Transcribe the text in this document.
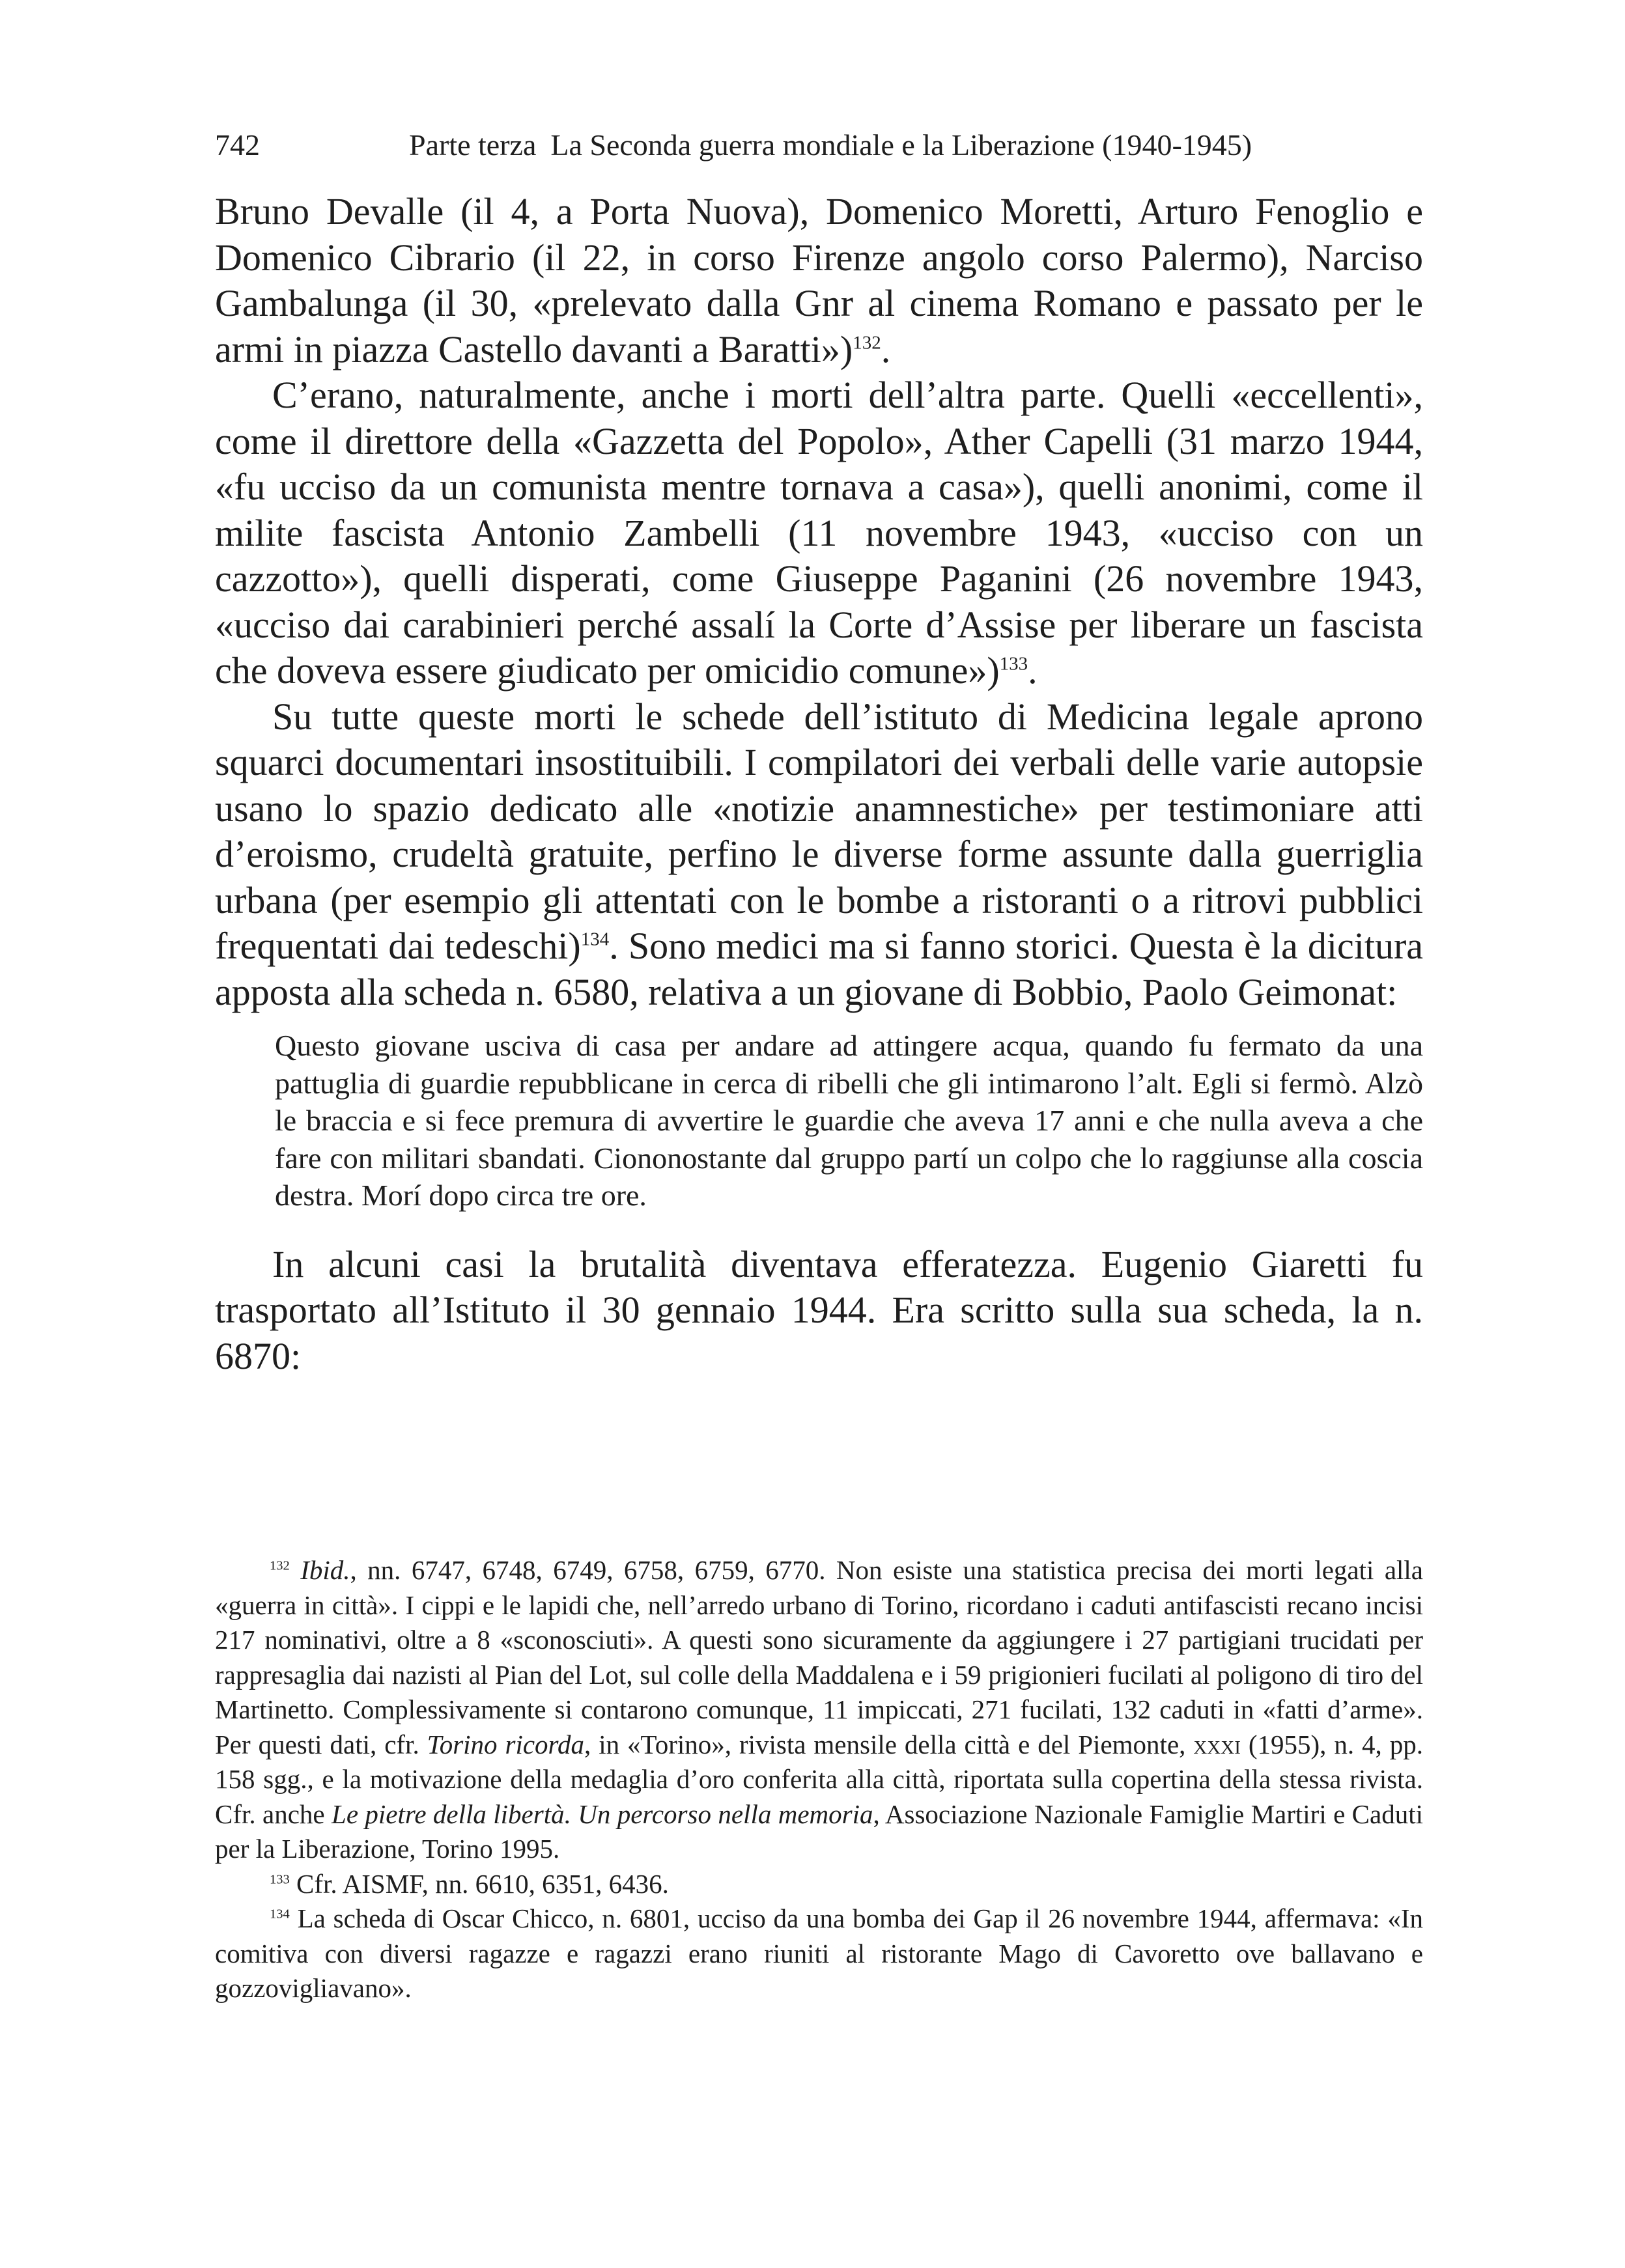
742	Parte terza La Seconda guerra mondiale e la Liberazione (1940-1945)

Bruno Devalle (il 4, a Porta Nuova), Domenico Moretti, Arturo Fenoglio e Domenico Cibrario (il 22, in corso Firenze angolo corso Palermo), Narciso Gambalunga (il 30, «prelevato dalla Gnr al cinema Romano e passato per le armi in piazza Castello davanti a Baratti»)$^{132}$.

C’erano, naturalmente, anche i morti dell’altra parte. Quelli «eccellenti», come il direttore della «Gazzetta del Popolo», Ather Capelli (31 marzo 1944, «fu ucciso da un comunista mentre tornava a casa»), quelli anonimi, come il milite fascista Antonio Zambelli (11 novembre 1943, «ucciso con un cazzotto»), quelli disperati, come Giuseppe Paganini (26 novembre 1943, «ucciso dai carabinieri perché assalí la Corte d’Assise per liberare un fascista che doveva essere giudicato per omicidio comune»)$^{133}$.

Su tutte queste morti le schede dell’istituto di Medicina legale aprono squarci documentari insostituibili. I compilatori dei verbali delle varie autopsie usano lo spazio dedicato alle «notizie anamnestiche» per testimoniare atti d’eroismo, crudeltà gratuite, perfino le diverse forme assunte dalla guerriglia urbana (per esempio gli attentati con le bombe a ristoranti o a ritrovi pubblici frequentati dai tedeschi)$^{134}$. Sono medici ma si fanno storici. Questa è la dicitura apposta alla scheda n. 6580, relativa a un giovane di Bobbio, Paolo Geimonat:

Questo giovane usciva di casa per andare ad attingere acqua, quando fu fermato da una pattuglia di guardie repubblicane in cerca di ribelli che gli intimarono l’alt. Egli si fermò. Alzò le braccia e si fece premura di avvertire le guardie che aveva 17 anni e che nulla aveva a che fare con militari sbandati. Ciononostante dal gruppo partí un colpo che lo raggiunse alla coscia destra. Morí dopo circa tre ore.

In alcuni casi la brutalità diventava efferatezza. Eugenio Giaretti fu trasportato all’Istituto il 30 gennaio 1944. Era scritto sulla sua scheda, la n. 6870:

$^{132}$ Ibid., nn. 6747, 6748, 6749, 6758, 6759, 6770. Non esiste una statistica precisa dei morti legati alla «guerra in città». I cippi e le lapidi che, nell’arredo urbano di Torino, ricordano i caduti antifascisti recano incisi 217 nominativi, oltre a 8 «sconosciuti». A questi sono sicuramente da aggiungere i 27 partigiani trucidati per rappresaglia dai nazisti al Pian del Lot, sul colle della Maddalena e i 59 prigionieri fucilati al poligono di tiro del Martinetto. Complessivamente si contarono comunque, 11 impiccati, 271 fucilati, 132 caduti in «fatti d’arme». Per questi dati, cfr. Torino ricorda, in «Torino», rivista mensile della città e del Piemonte, xxxi (1955), n. 4, pp. 158 sgg., e la motivazione della medaglia d’oro conferita alla città, riportata sulla copertina della stessa rivista. Cfr. anche Le pietre della libertà. Un percorso nella memoria, Associazione Nazionale Famiglie Martiri e Caduti per la Liberazione, Torino 1995.

$^{133}$ Cfr. AISMF, nn. 6610, 6351, 6436.

$^{134}$ La scheda di Oscar Chicco, n. 6801, ucciso da una bomba dei Gap il 26 novembre 1944, affermava: «In comitiva con diversi ragazze e ragazzi erano riuniti al ristorante Mago di Cavoretto ove ballavano e gozzovigliavano».
